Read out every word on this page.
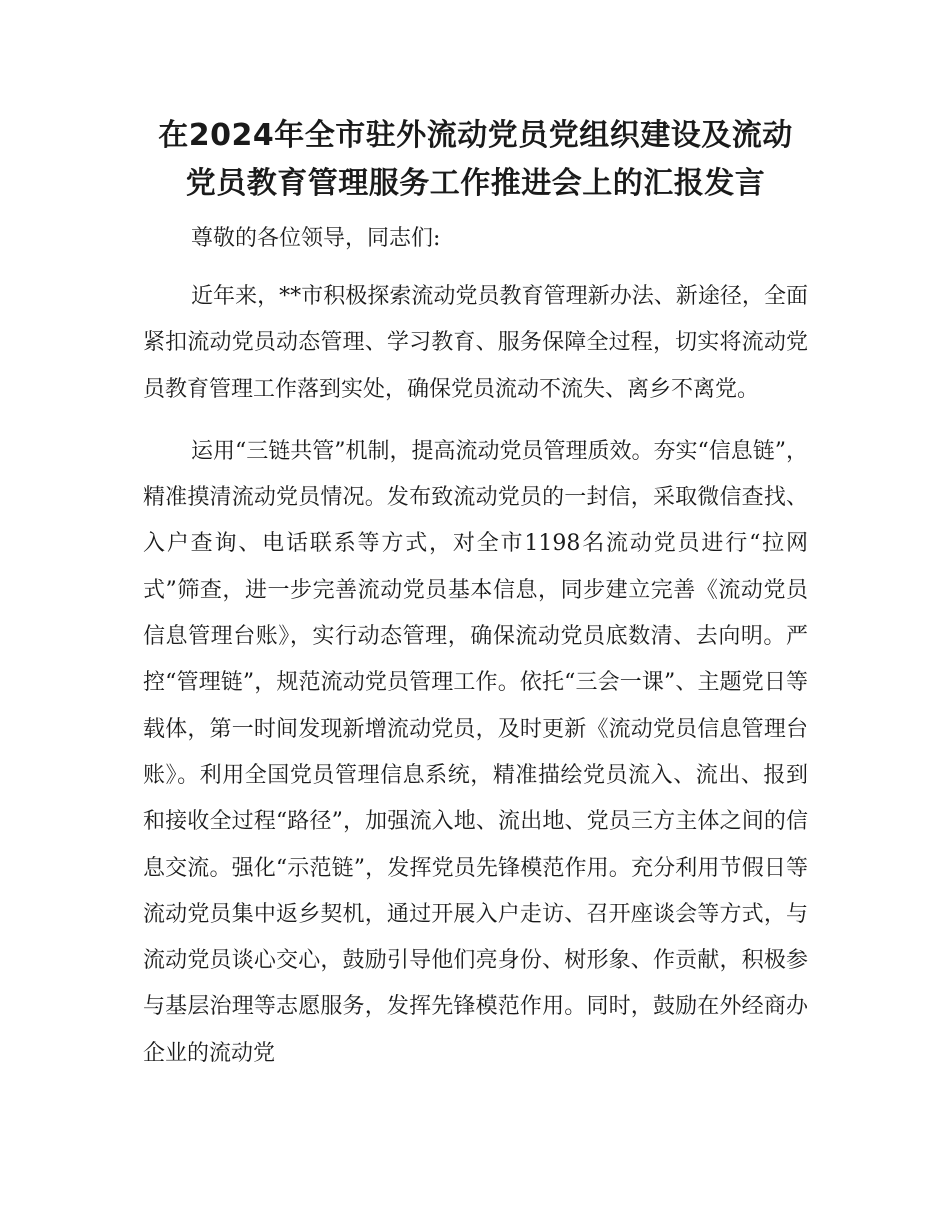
在2024年全市驻外流动党员党组织建设及流动
党员教育管理服务工作推进会上的汇报发言
尊敬的各位领导，同志们:

近年来，**市积极探索流动党员教育管理新办法、新途径，全面紧扣流动党员动态管理、学习教育、服务保障全过程，切实将流动党员教育管理工作落到实处，确保党员流动不流失、离乡不离党。

运用“三链共管”机制，提高流动党员管理质效。夯实“信息链”，精准摸清流动党员情况。发布致流动党员的一封信，采取微信查找、入户查询、电话联系等方式，对全市1198名流动党员进行“拉网式”筛查，进一步完善流动党员基本信息，同步建立完善《流动党员信息管理台账》，实行动态管理，确保流动党员底数清、去向明。严控“管理链”，规范流动党员管理工作。依托“三会一课”、主题党日等载体，第一时间发现新增流动党员，及时更新《流动党员信息管理台账》。利用全国党员管理信息系统，精准描绘党员流入、流出、报到和接收全过程“路径”，加强流入地、流出地、党员三方主体之间的信息交流。强化“示范链”，发挥党员先锋模范作用。充分利用节假日等流动党员集中返乡契机，通过开展入户走访、召开座谈会等方式，与流动党员谈心交心，鼓励引导他们亮身份、树形象、作贡献，积极参与基层治理等志愿服务，发挥先锋模范作用。同时，鼓励在外经商办企业的流动党
